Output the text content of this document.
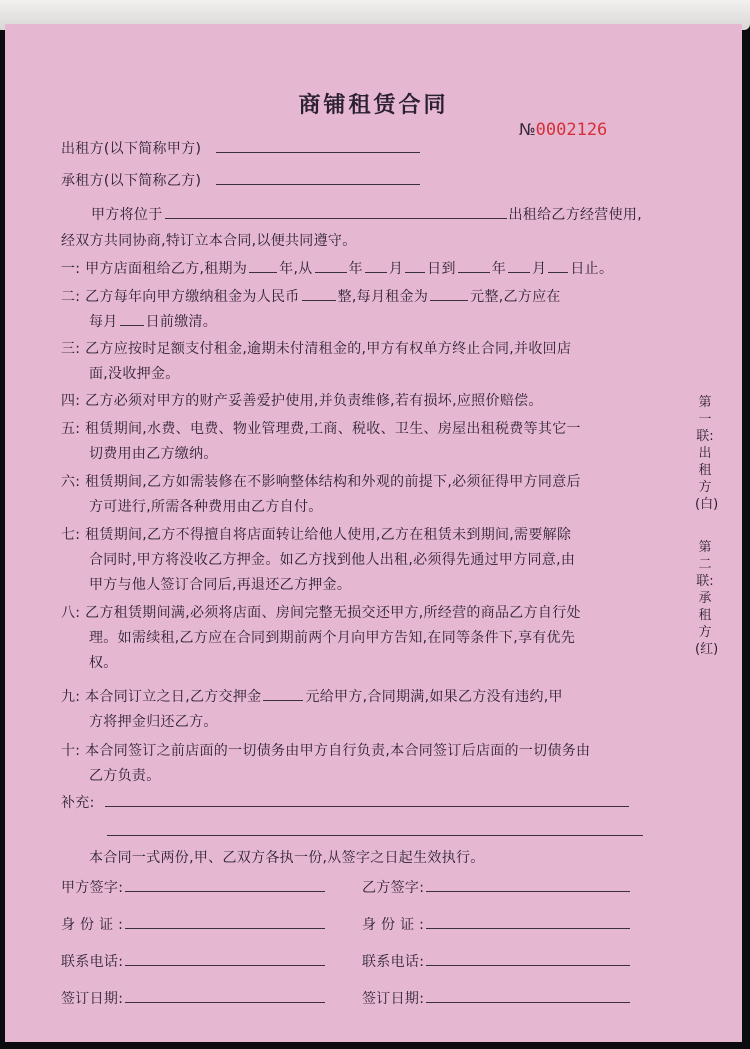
商铺租赁合同
№0002126
出租方(以下简称甲方)
承租方(以下简称乙方)
甲方将位于	出租给乙方经营使用,
经双方共同协商,特订立本合同,以便共同遵守。
一: 甲方店面租给乙方,租期为 年,从	年 月 日到	年 月 日止。
二: 乙方每年向甲方缴纳租金为人民币	整,每月租金为	元整,乙方应在
每月 日前缴清。
三: 乙方应按时足额支付租金,逾期未付清租金的,甲方有权单方终止合同,并收回店
面,没收押金。
四: 乙方必须对甲方的财产妥善爱护使用,并负责维修,若有损坏,应照价赔偿。
五: 租赁期间,水费、电费、物业管理费,工商、税收、卫生、房屋出租税费等其它一
切费用由乙方缴纳。
六: 租赁期间,乙方如需装修在不影响整体结构和外观的前提下,必须征得甲方同意后
方可进行,所需各种费用由乙方自付。
七: 租赁期间,乙方不得擅自将店面转让给他人使用,乙方在租赁未到期间,需要解除
合同时,甲方将没收乙方押金。如乙方找到他人出租,必须得先通过甲方同意,由
甲方与他人签订合同后,再退还乙方押金。
八: 乙方租赁期间满,必须将店面、房间完整无损交还甲方,所经营的商品乙方自行处
理。如需续租,乙方应在合同到期前两个月向甲方告知,在同等条件下,享有优先
权。
九: 本合同订立之日,乙方交押金	元给甲方,合同期满,如果乙方没有违约,甲
方将押金归还乙方。
十: 本合同签订之前店面的一切债务由甲方自行负责,本合同签订后店面的一切债务由
乙方负责。
补充:
本合同一式两份,甲、乙双方各执一份,从签字之日起生效执行。
甲方签字:	乙方签字:
身 份 证 :	身 份 证 :
联系电话:	联系电话:
签订日期:	签订日期:
第一联:出租方(白)
第二联:承租方(红)
